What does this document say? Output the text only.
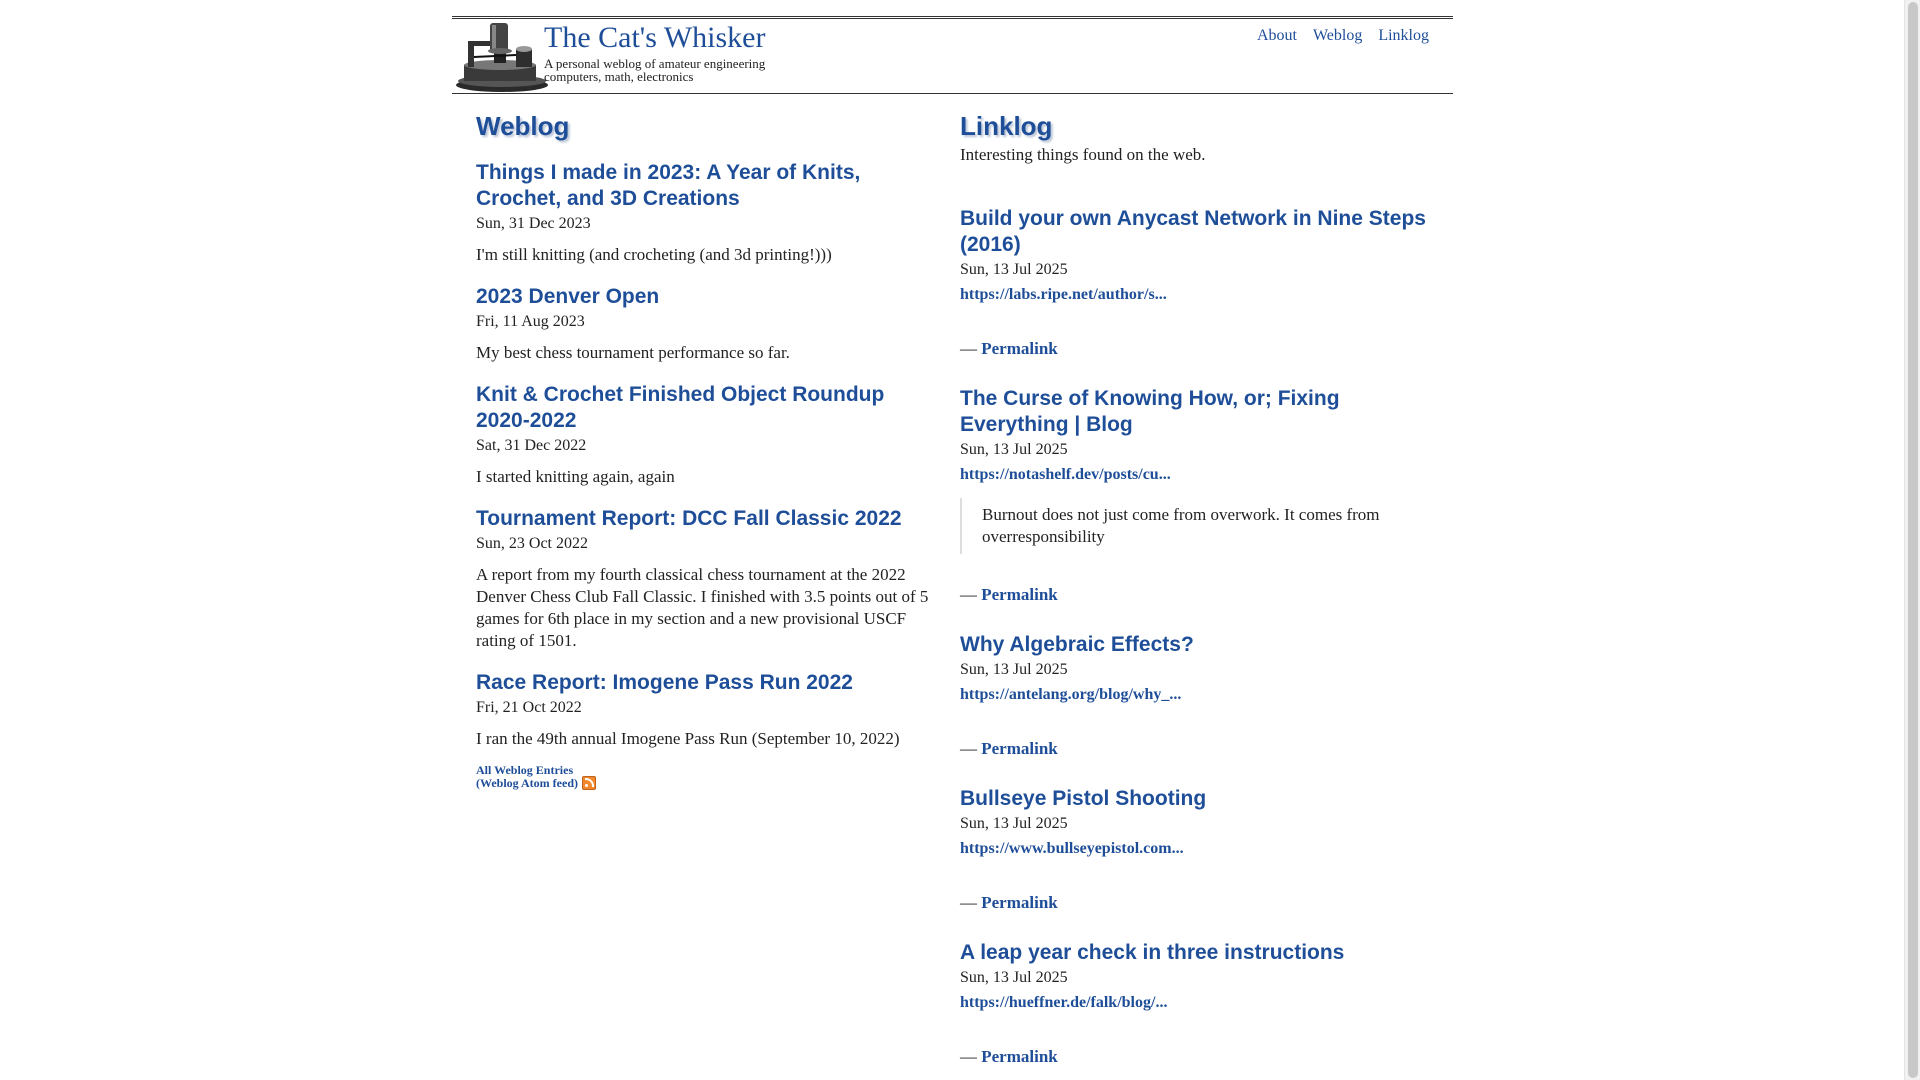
The Cat's Whisker
A personal weblog of amateur engineering computers, math, electronics
About Weblog Linklog
Weblog
Things I made in 2023: A Year of Knits, Crochet, and 3D Creations
Sun, 31 Dec 2023
I'm still knitting (and crocheting (and 3d printing!)))
2023 Denver Open
Fri, 11 Aug 2023
My best chess tournament performance so far.
Knit & Crochet Finished Object Roundup 2020-2022
Sat, 31 Dec 2022
I started knitting again, again
Tournament Report: DCC Fall Classic 2022
Sun, 23 Oct 2022
A report from my fourth classical chess tournament at the 2022 Denver Chess Club Fall Classic. I finished with 3.5 points out of 5 games for 6th place in my section and a new provisional USCF rating of 1501.
Race Report: Imogene Pass Run 2022
Fri, 21 Oct 2022
I ran the 49th annual Imogene Pass Run (September 10, 2022)
All Weblog Entries
(Weblog Atom feed)
Linklog
Interesting things found on the web.
Build your own Anycast Network in Nine Steps (2016)
Sun, 13 Jul 2025
https://labs.ripe.net/author/s...
— Permalink
The Curse of Knowing How, or; Fixing Everything | Blog
Sun, 13 Jul 2025
https://notashelf.dev/posts/cu...
Burnout does not just come from overwork. It comes from overresponsibility
— Permalink
Why Algebraic Effects?
Sun, 13 Jul 2025
https://antelang.org/blog/why_...
— Permalink
Bullseye Pistol Shooting
Sun, 13 Jul 2025
https://www.bullseyepistol.com...
— Permalink
A leap year check in three instructions
Sun, 13 Jul 2025
https://hueffner.de/falk/blog/...
— Permalink
